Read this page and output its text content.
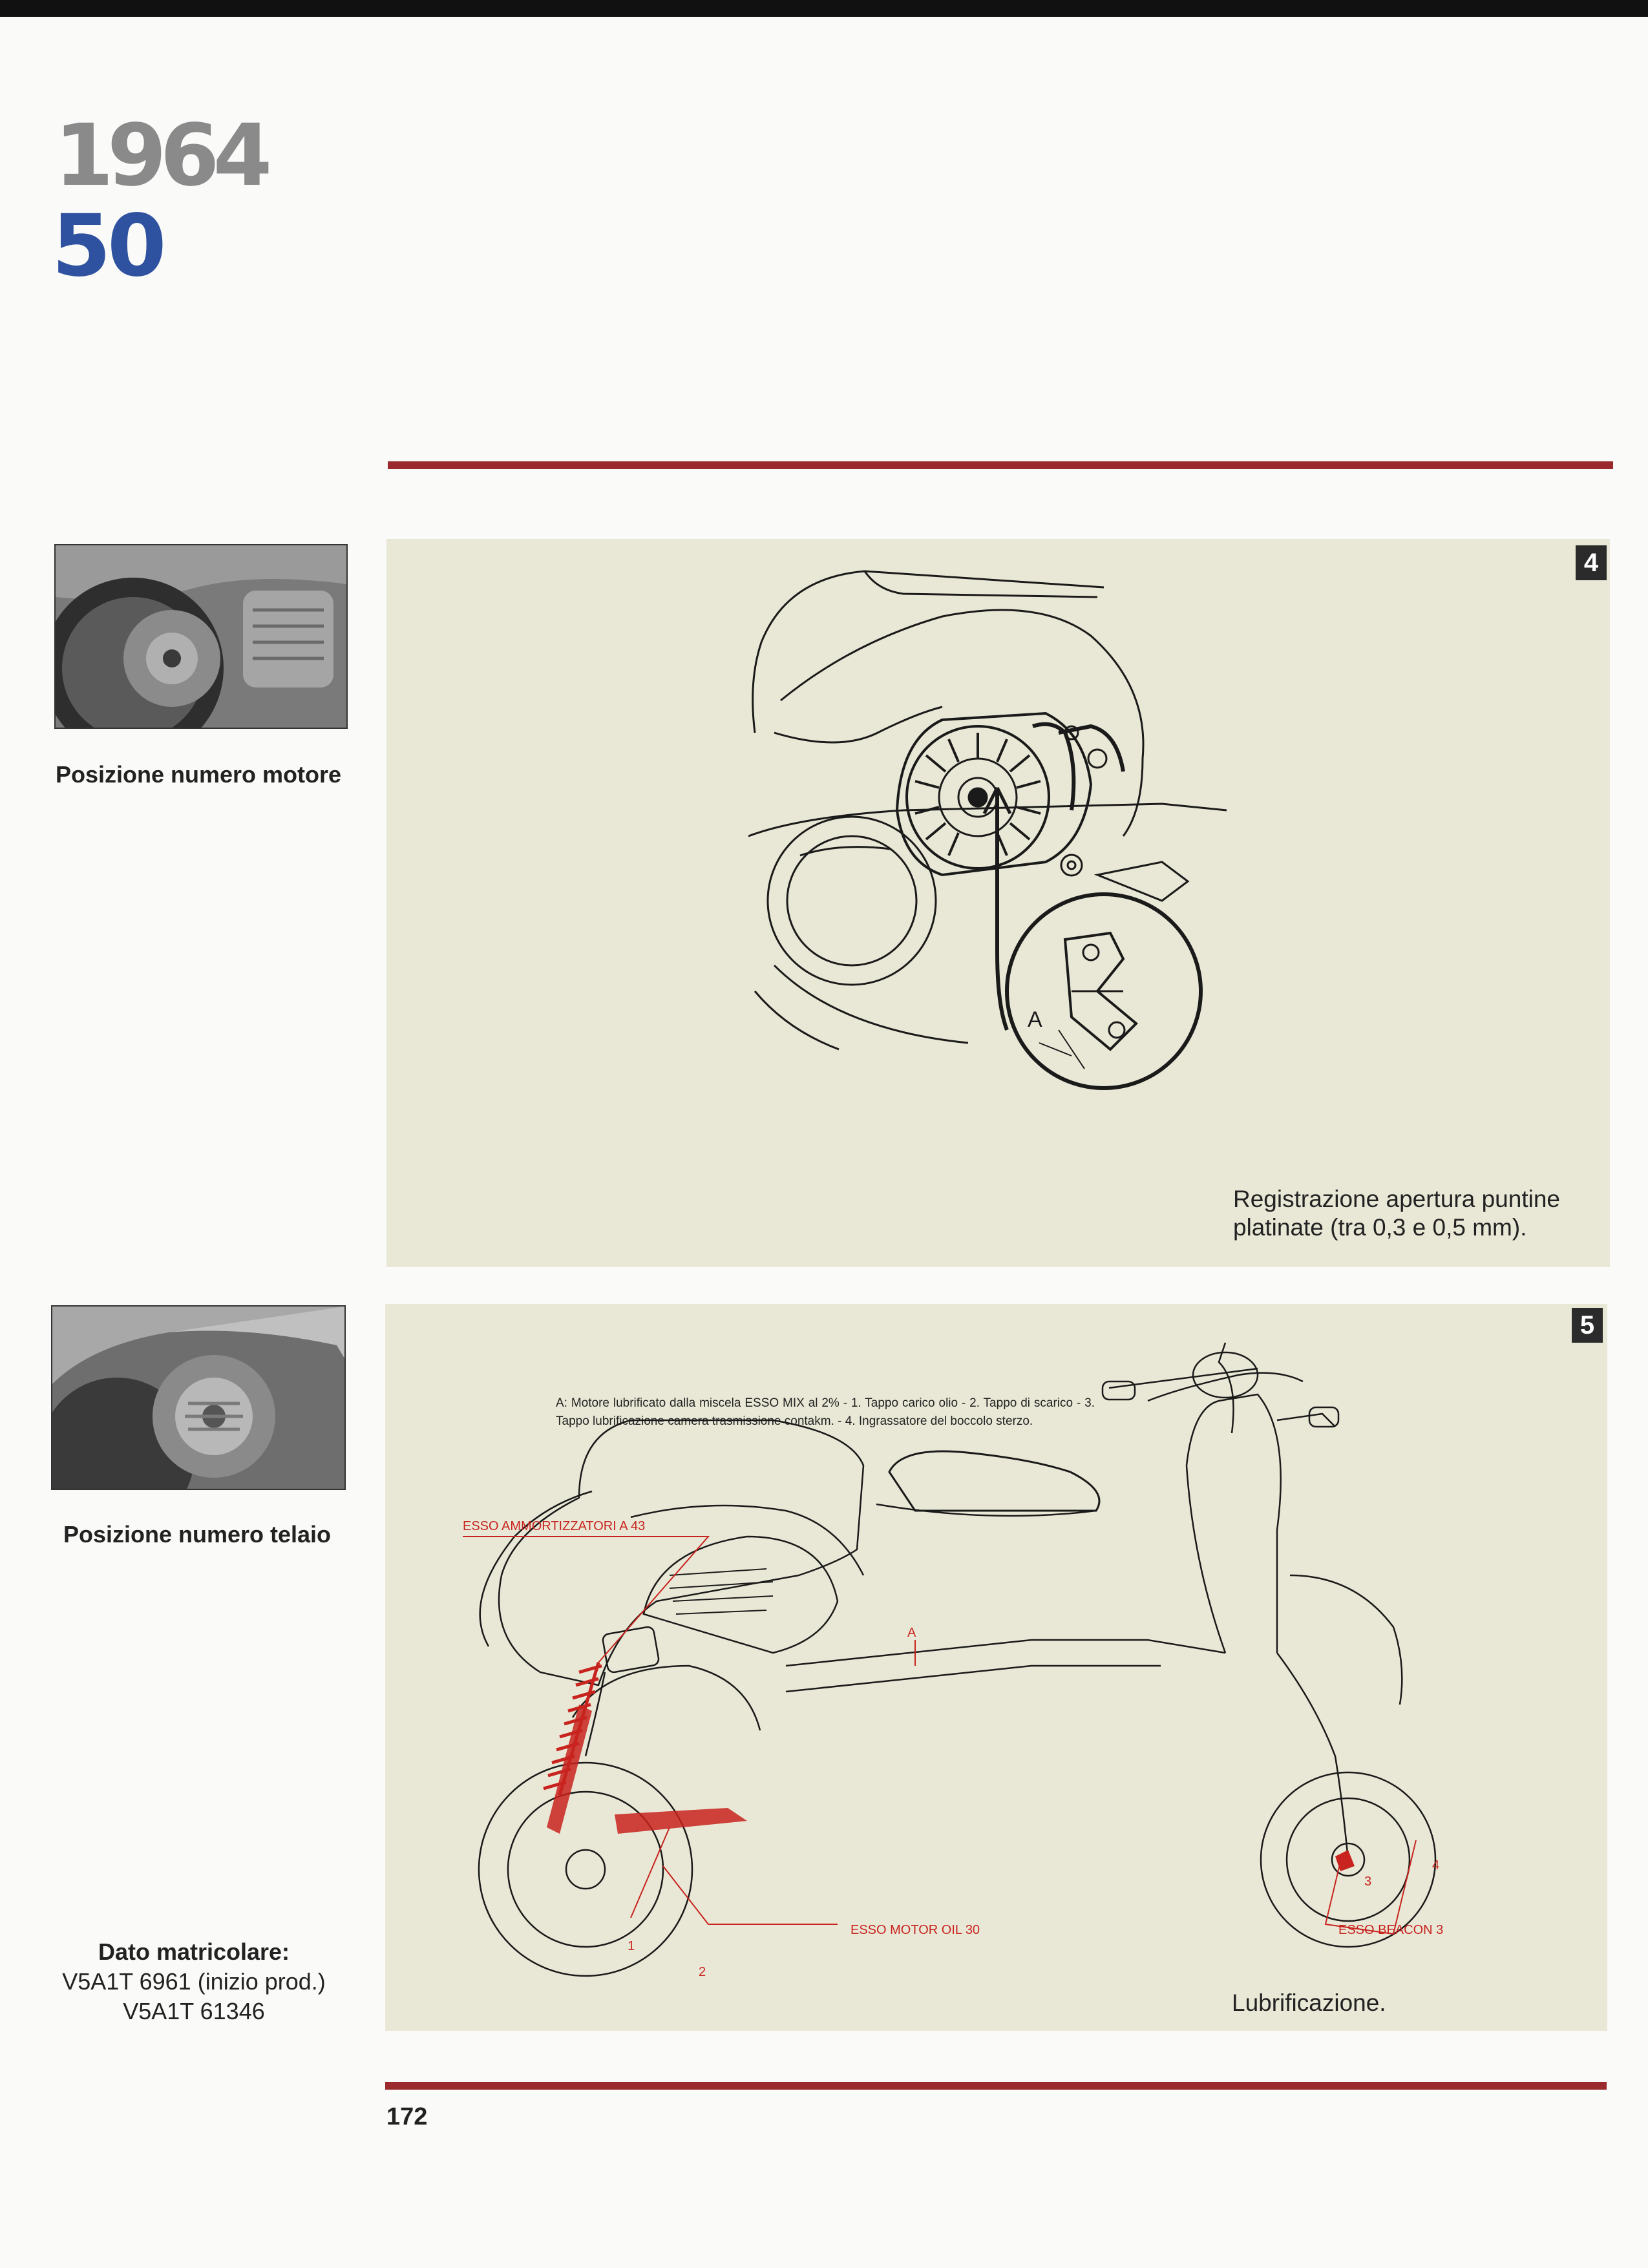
1964
50
Posizione numero motore
Posizione numero telaio
4
A
Registrazione apertura puntine
platinate (tra 0,3 e 0,5 mm).
5
A: Motore lubrificato dalla miscela ESSO MIX al 2% - 1. Tappo carico olio - 2. Tappo di scarico - 3. Tappo lubrificazione camera trasmissione contakm. - 4. Ingrassatore del boccolo sterzo.
ESSO AMMORTIZZATORI A 43
ESSO MOTOR OIL 30	ESSO BEACON 3
A
1
2
3
4
Lubrificazione.
Dato matricolare:
V5A1T 6961 (inizio prod.)
V5A1T 61346
172
